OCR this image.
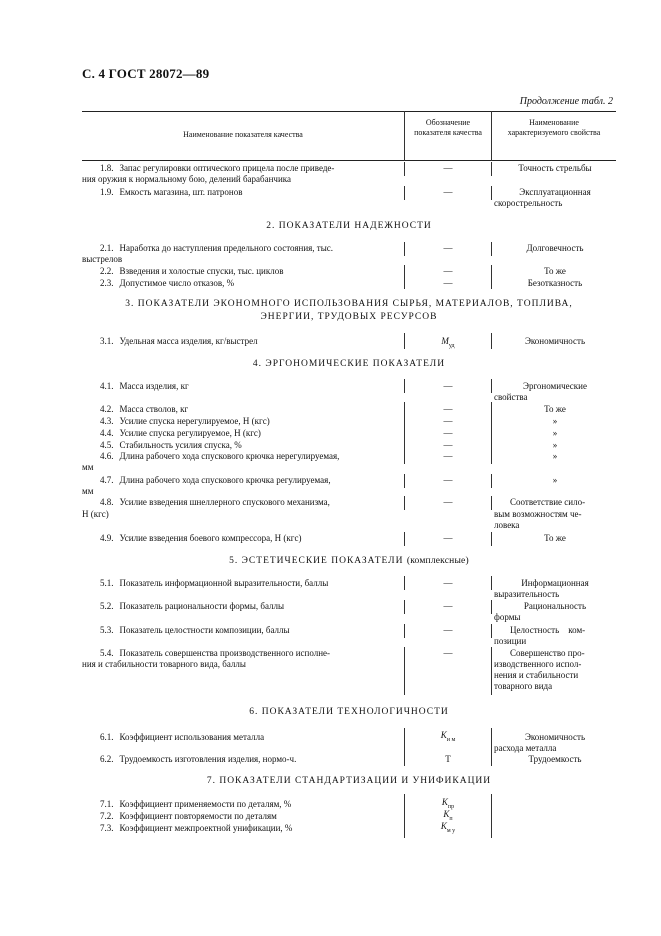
С. 4 ГОСТ 28072—89
Продолжение табл. 2
Наименование показателя качества
Обозначение показателя качества
Наименование характеризуемого свойства
1.8. Запас регулировки оптического прицела после приведе-
ния оружия к нормальному бою, делений барабанчика
—	Точность стрельбы
1.9. Емкость магазина, шт. патронов	—	Эксплуатационная
скорострельность
2. ПОКАЗАТЕЛИ НАДЕЖНОСТИ
2.1. Наработка до наступления предельного состояния, тыс.
выстрелов
—	Долговечность
2.2. Взведения и холостые спуски, тыс. циклов	—	То же
2.3. Допустимое число отказов, %	—	Безотказность
3. ПОКАЗАТЕЛИ ЭКОНОМНОГО ИСПОЛЬЗОВАНИЯ СЫРЬЯ, МАТЕРИАЛОВ, ТОПЛИВА,
ЭНЕРГИИ, ТРУДОВЫХ РЕСУРСОВ
3.1. Удельная масса изделия, кг/выстрел	$M_{уд}$	Экономичность
4. ЭРГОНОМИЧЕСКИЕ ПОКАЗАТЕЛИ
4.1. Масса изделия, кг	—	Эргономические
свойства
4.2. Масса стволов, кг	—	То же
4.3. Усилие спуска нерегулируемое, Н (кгс)	—	»
4.4. Усилие спуска регулируемое, Н (кгс)	—	»
4.5. Стабильность усилия спуска, %	—	»
4.6. Длина рабочего хода спускового крючка нерегулируемая,
мм
—	»
4.7. Длина рабочего хода спускового крючка регулируемая,
мм
—	»
4.8. Усилие взведения шнеллерного спускового механизма,
Н (кгс)
—	Соответствие сило-
вым возможностям че-
ловека
4.9. Усилие взведения боевого компрессора, Н (кгс)	—	То же
5. ЭСТЕТИЧЕСКИЕ ПОКАЗАТЕЛИ (комплексные)
5.1. Показатель информационной выразительности, баллы	—	Информационная
выразительность
5.2. Показатель рациональности формы, баллы	—	Рациональность
формы
5.3. Показатель целостности композиции, баллы	—	Целостность    ком-
позиции
5.4. Показатель совершенства производственного исполне-
ния и стабильности товарного вида, баллы
—	Совершенство про-
изводственного испол-
нения и стабильности
товарного вида
6. ПОКАЗАТЕЛИ ТЕХНОЛОГИЧНОСТИ
6.1. Коэффициент использования металла	$K_{и м}$	Экономичность
расхода металла
6.2. Трудоемкость изготовления изделия, нормо-ч.	Т	Трудоемкость
7. ПОКАЗАТЕЛИ СТАНДАРТИЗАЦИИ И УНИФИКАЦИИ
7.1. Коэффициент применяемости по деталям, %	$K_{пр}$
7.2. Коэффициент повторяемости по деталям	$K_п$
7.3. Коэффициент межпроектной унификации, %	$K_{м у}$
